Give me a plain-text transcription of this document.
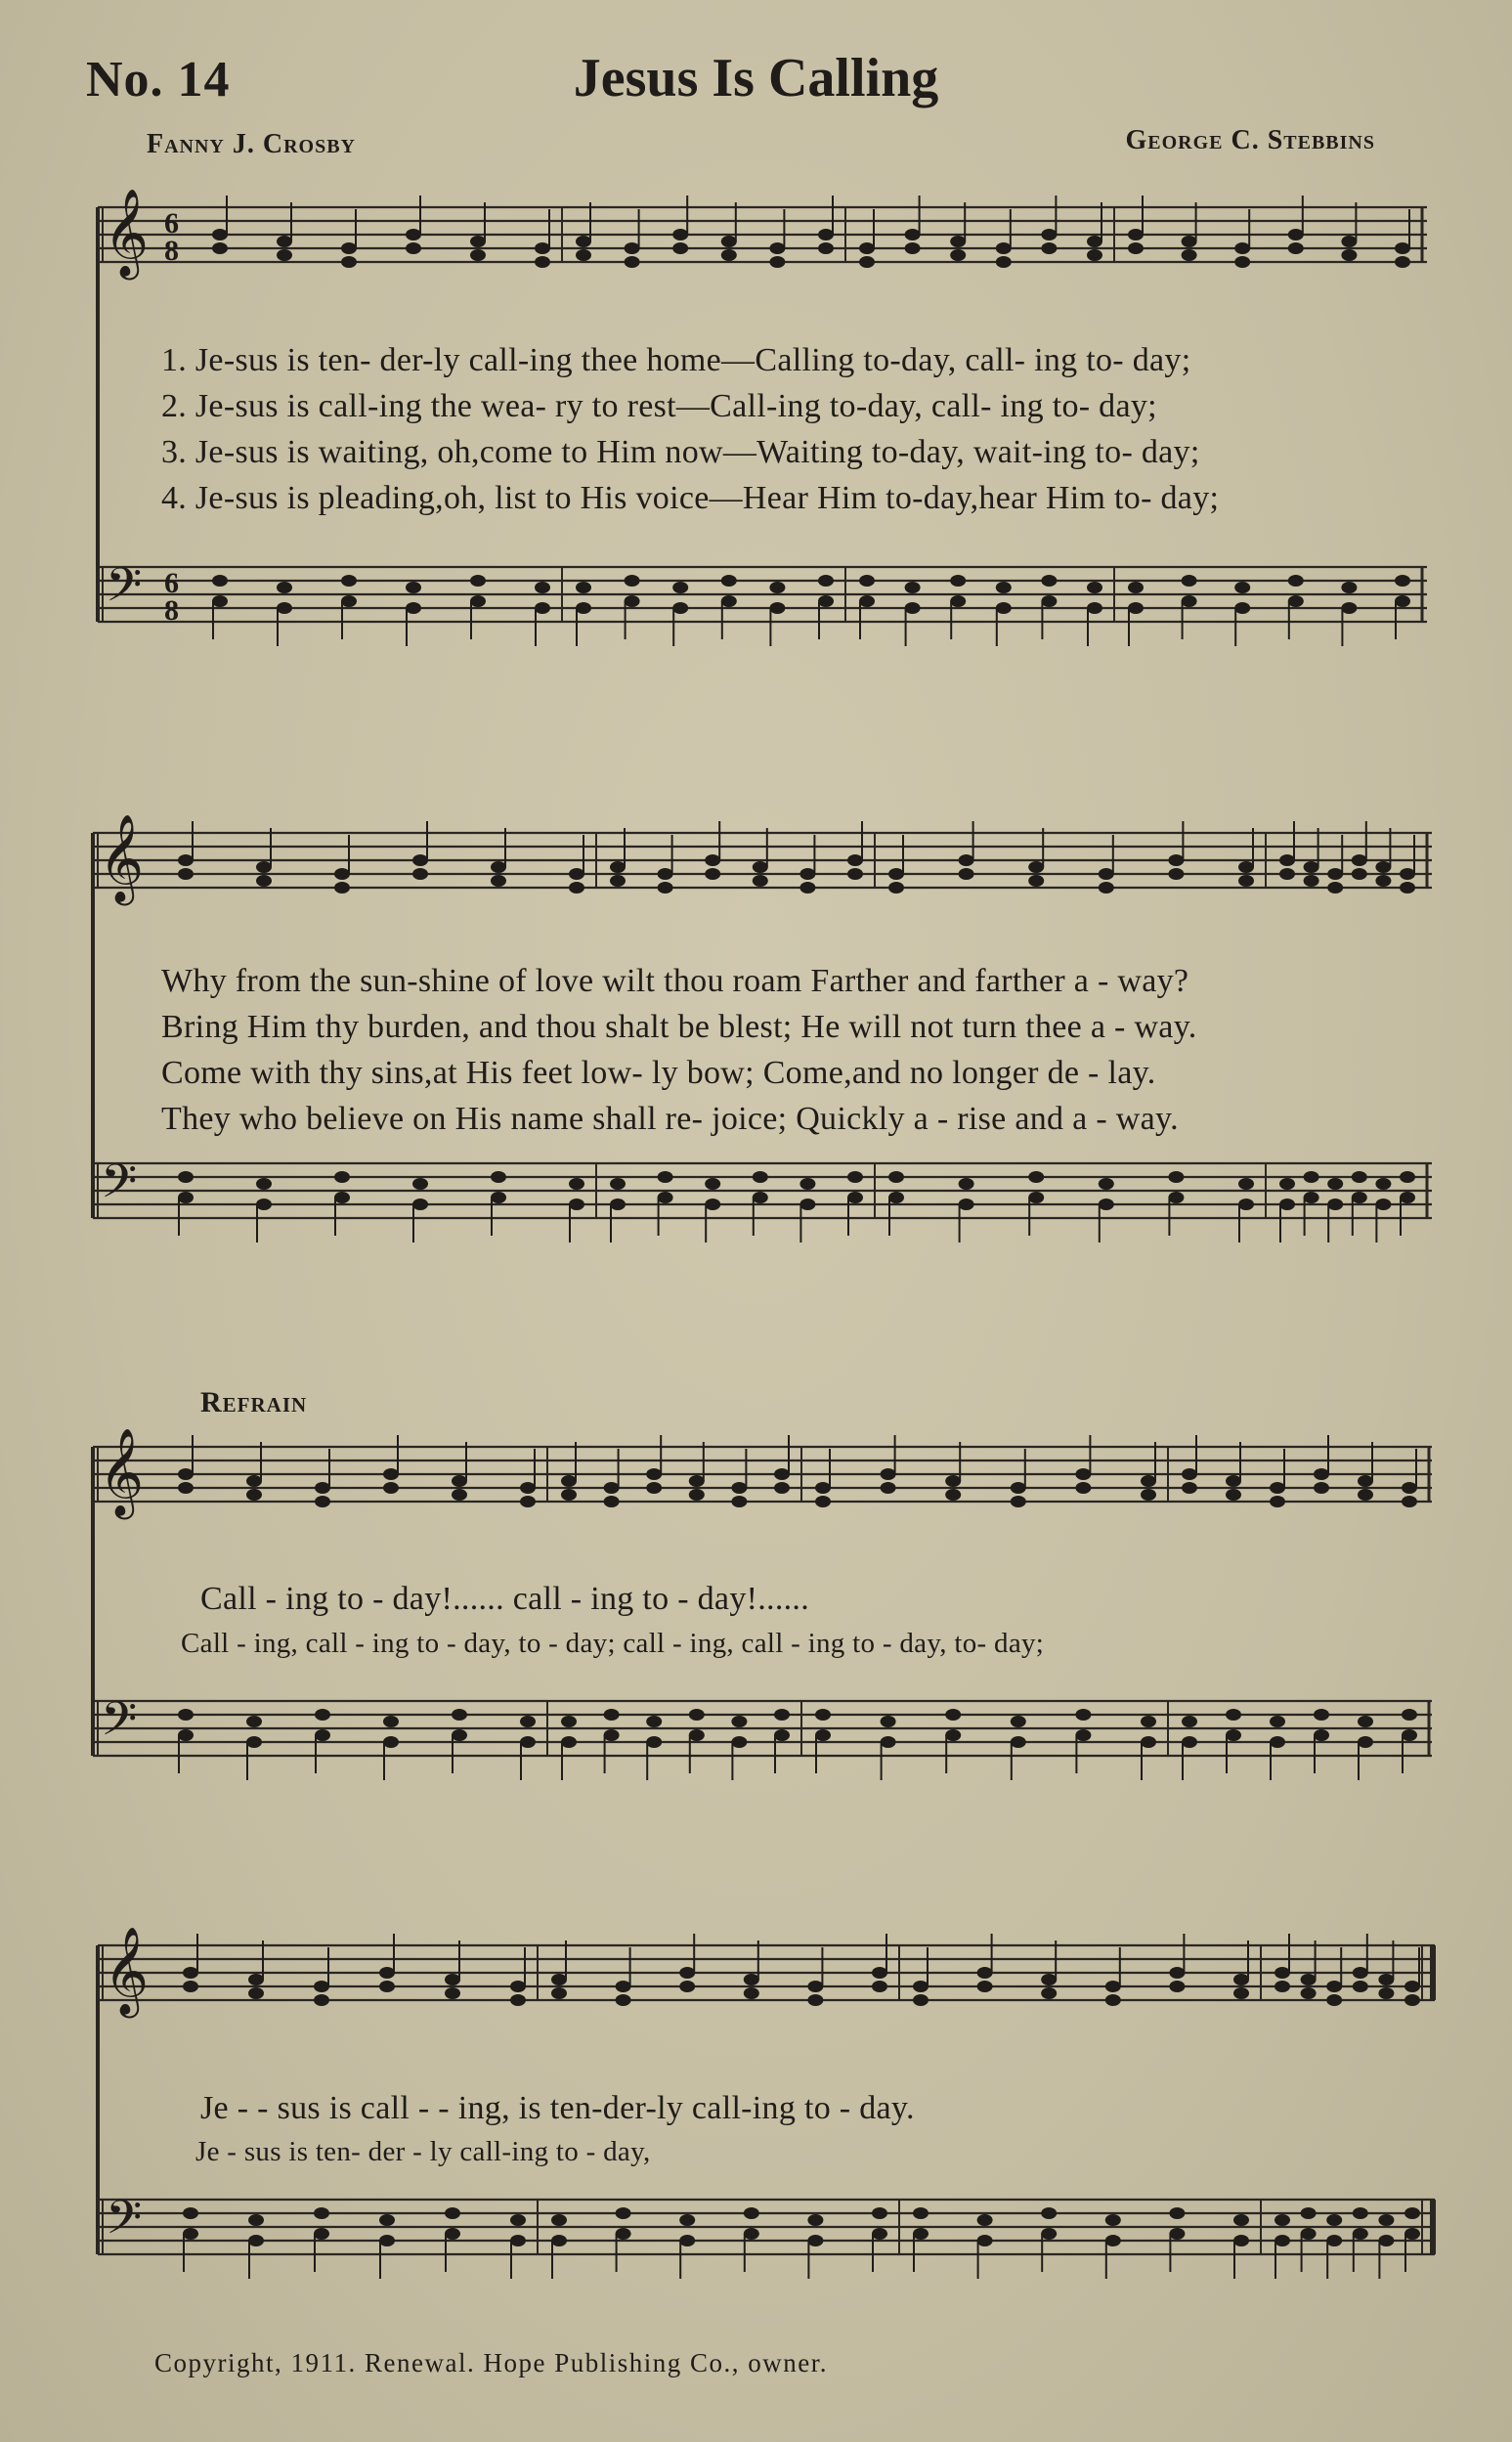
No. 14	Jesus Is Calling
Fanny J. Crosby	George C. Stebbins
𝄞
𝄢
6
6
8
8
𝄞
𝄢
𝄞
𝄢
𝄞
𝄢
1. Je-sus is ten- der-ly call-ing thee home—Calling to-day, call- ing to- day;
2. Je-sus is call-ing the wea- ry to rest—Call-ing to-day, call- ing to- day;
3. Je-sus is waiting, oh,come to Him now—Waiting to-day, wait-ing to- day;
4. Je-sus is pleading,oh, list to His voice—Hear Him to-day,hear Him to- day;
Why from the sun-shine of love wilt thou roam Farther and farther a - way?
Bring Him thy burden, and thou shalt be blest; He will not turn thee a - way.
Come with thy sins,at His feet low- ly bow; Come,and no longer de - lay.
They who believe on His name shall re- joice; Quickly a - rise and a - way.
Refrain
Call - ing to - day!...... call - ing to - day!......
Call - ing, call - ing to - day, to - day; call - ing, call - ing to - day, to- day;
Je - - sus is call - - ing, is ten-der-ly call-ing to - day.
Je - sus is ten- der - ly call-ing to - day,
Copyright, 1911. Renewal. Hope Publishing Co., owner.
